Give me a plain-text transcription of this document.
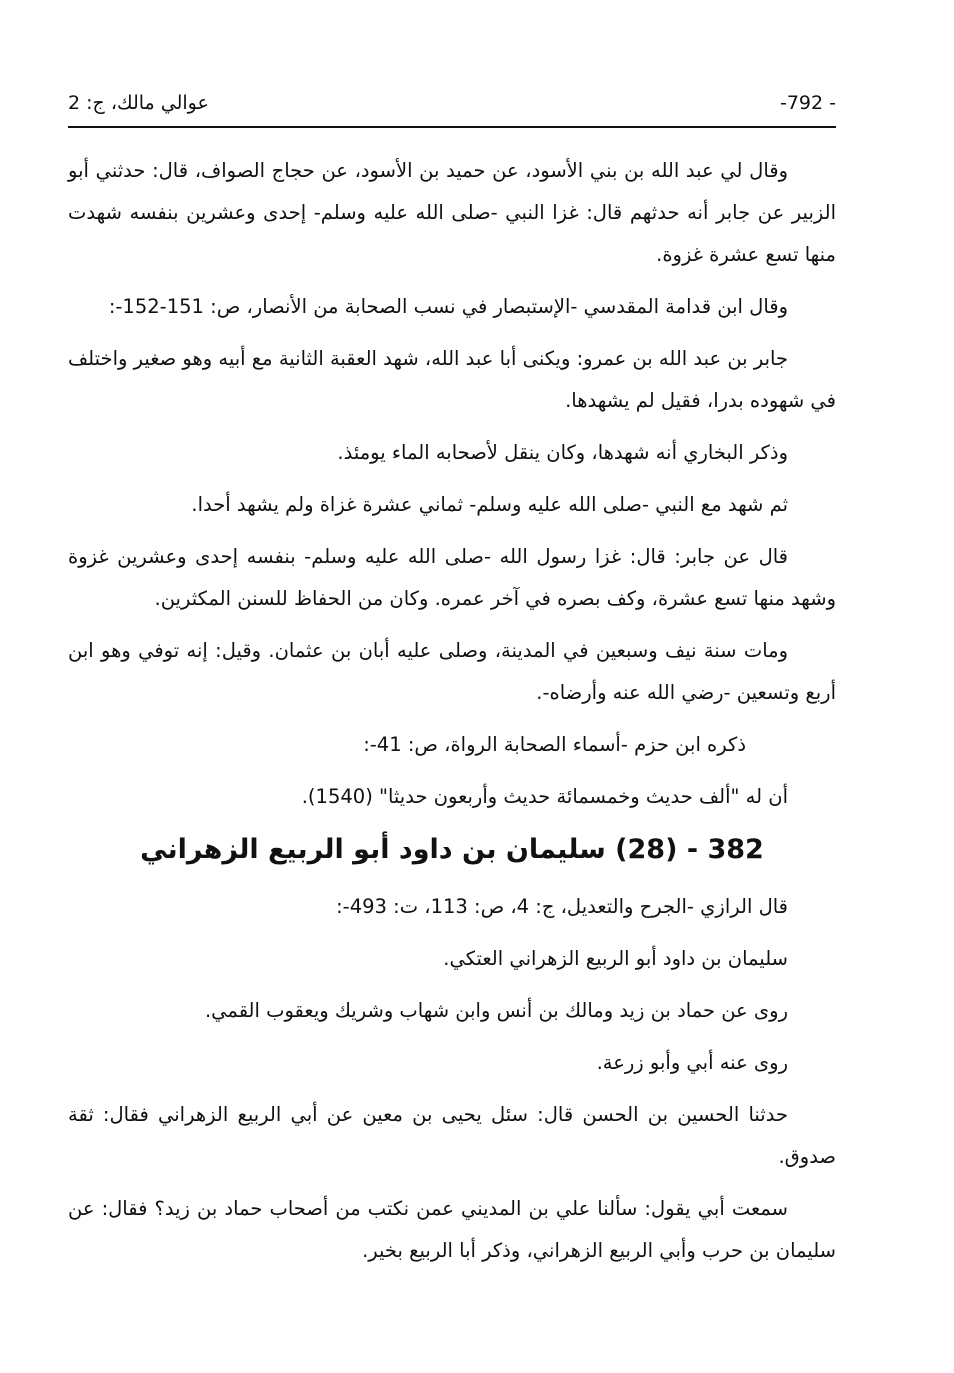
عوالي مالك، ج: 2	-792 -

وقال لي عبد الله بن بني الأسود، عن حميد بن الأسود، عن حجاج الصواف، قال: حدثني أبو الزبير عن جابر أنه حدثهم قال: غزا النبي -صلى الله عليه وسلم- إحدى وعشرين بنفسه شهدت منها تسع عشرة غزوة.

وقال ابن قدامة المقدسي -الإستبصار في نسب الصحابة من الأنصار، ص: 151-152-:

جابر بن عبد الله بن عمرو: ويكنى أبا عبد الله، شهد العقبة الثانية مع أبيه وهو صغير واختلف في شهوده بدرا، فقيل لم يشهدها.

وذكر البخاري أنه شهدها، وكان ينقل لأصحابه الماء يومئذ.

ثم شهد مع النبي -صلى الله عليه وسلم- ثماني عشرة غزاة ولم يشهد أحدا.

قال عن جابر: قال: غزا رسول الله -صلى الله عليه وسلم- بنفسه إحدى وعشرين غزوة وشهد منها تسع عشرة، وكف بصره في آخر عمره. وكان من الحفاظ للسنن المكثرين.

ومات سنة نيف وسبعين في المدينة، وصلى عليه أبان بن عثمان. وقيل: إنه توفي وهو ابن أربع وتسعين -رضي الله عنه وأرضاه-.

ذكره ابن حزم -أسماء الصحابة الرواة، ص: 41-:

أن له "ألف حديث وخمسمائة حديث وأربعون حديثا" (1540).

382 - (28) سليمان بن داود أبو الربيع الزهراني

قال الرازي -الجرح والتعديل، ج: 4، ص: 113، ت: 493-:

سليمان بن داود أبو الربيع الزهراني العتكي.

روى عن حماد بن زيد ومالك بن أنس وابن شهاب وشريك ويعقوب القمي.

روى عنه أبي وأبو زرعة.

حدثنا الحسين بن الحسن قال: سئل يحيى بن معين عن أبي الربيع الزهراني فقال: ثقة صدوق.

سمعت أبي يقول: سألنا علي بن المديني عمن نكتب من أصحاب حماد بن زيد؟ فقال: عن سليمان بن حرب وأبي الربيع الزهراني، وذكر أبا الربيع بخير.
